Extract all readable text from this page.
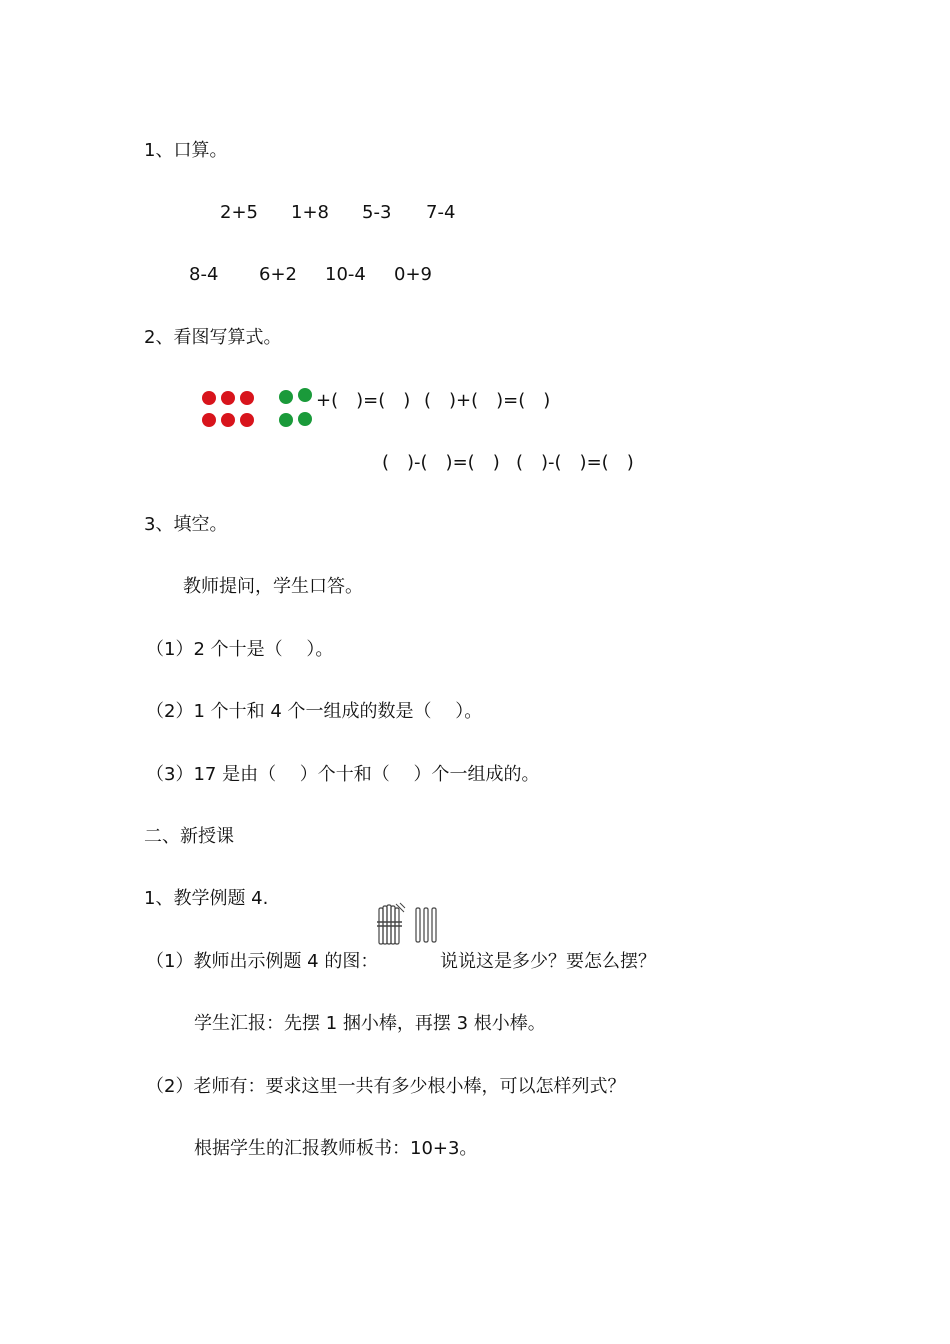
1、口算。
2+5 1+8 5-3 7-4
8-4 6+2 10-4 0+9
2、看图写算式。
+(　)=(　) (　)+(　)=(　)
(　)-(　)=(　) (　)-(　)=(　)
3、填空。
教师提问，学生口答。
（1）2 个十是（　 ）。
（2）1 个十和 4 个一组成的数是（　 ）。
（3）17 是由（　 ）个十和（　 ）个一组成的。
二、新授课
1、教学例题 4.
（1）教师出示例题 4 的图：	说说这是多少？要怎么摆？
学生汇报：先摆 1 捆小棒，再摆 3 根小棒。
（2）老师有：要求这里一共有多少根小棒，可以怎样列式？
根据学生的汇报教师板书：10+3。
